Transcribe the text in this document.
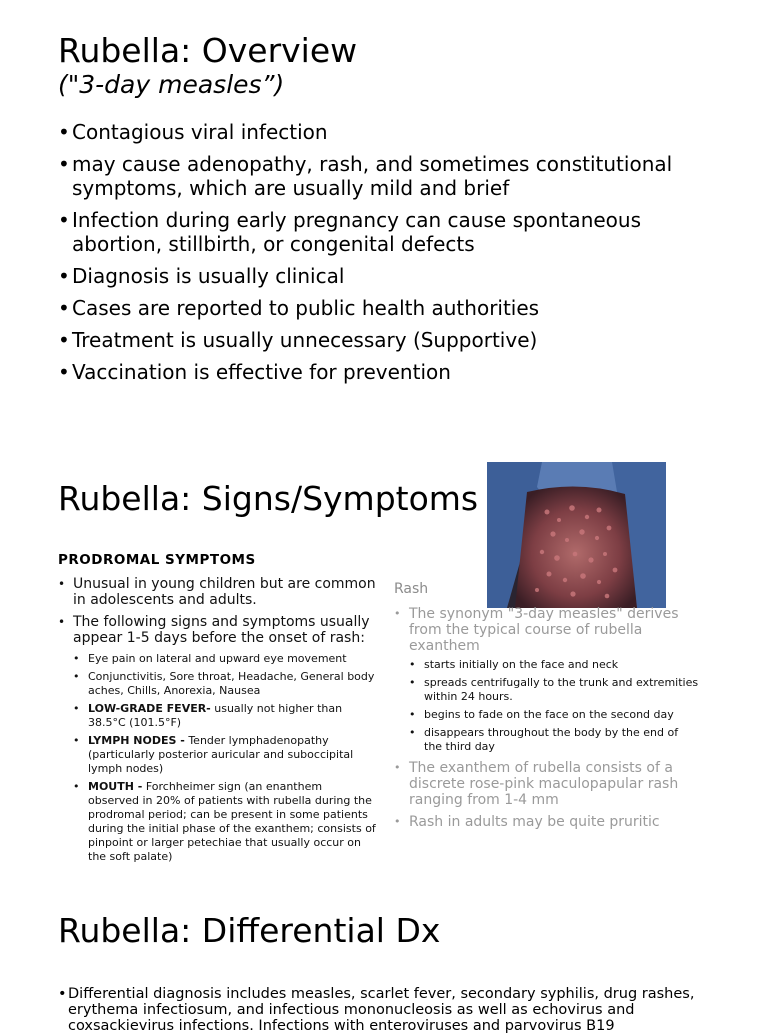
Rubella: Overview
("3-day measles”)
• Contagious viral infection
• may cause adenopathy, rash, and sometimes constitutional symptoms, which are usually mild and brief
• Infection during early pregnancy can cause spontaneous abortion, stillbirth, or congenital defects
• Diagnosis is usually clinical
• Cases are reported to public health authorities
• Treatment is usually unnecessary (Supportive)
• Vaccination is effective for prevention
Rubella: Signs/Symptoms
PRODROMAL SYMPTOMS
• Unusual in young children but are common in adolescents and adults.
• The following signs and symptoms usually appear 1-5 days before the onset of rash:
• Eye pain on lateral and upward eye movement
• Conjunctivitis, Sore throat, Headache, General body aches, Chills, Anorexia, Nausea
• LOW-GRADE FEVER- usually not higher than 38.5°C (101.5°F)
• LYMPH NODES - Tender lymphadenopathy (particularly posterior auricular and suboccipital lymph nodes)
• MOUTH - Forchheimer sign (an enanthem observed in 20% of patients with rubella during the prodromal period; can be present in some patients during the initial phase of the exanthem; consists of pinpoint or larger petechiae that usually occur on the soft palate)
Rash
• The synonym "3-day measles" derives from the typical course of rubella exanthem
• starts initially on the face and neck
• spreads centrifugally to the trunk and extremities within 24 hours.
• begins to fade on the face on the second day
• disappears throughout the body by the end of the third day
• The exanthem of rubella consists of a discrete rose-pink maculopapular rash ranging from 1-4 mm
• Rash in adults may be quite pruritic
Rubella: Differential Dx
• Differential diagnosis includes measles, scarlet fever, secondary syphilis, drug rashes, erythema infectiosum, and infectious mononucleosis as well as echovirus and coxsackievirus infections. Infections with enteroviruses and parvovirus B19
